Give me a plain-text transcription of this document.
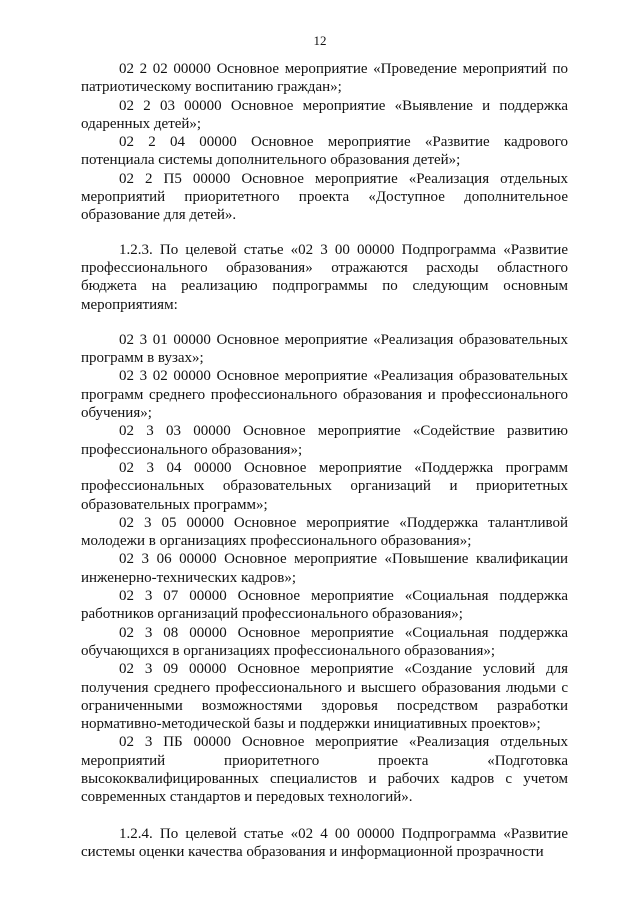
12

02 2 02 00000 Основное мероприятие «Проведение мероприятий по патриотическому воспитанию граждан»;

02 2 03 00000 Основное мероприятие «Выявление и поддержка одаренных детей»;

02 2 04 00000 Основное мероприятие «Развитие кадрового потенциала системы дополнительного образования детей»;

02 2 П5 00000 Основное мероприятие «Реализация отдельных мероприятий приоритетного проекта «Доступное дополнительное образование для детей».

1.2.3. По целевой статье «02 3 00 00000 Подпрограмма «Развитие профессионального образования» отражаются расходы областного бюджета на реализацию подпрограммы по следующим основным мероприятиям:

02 3 01 00000 Основное мероприятие «Реализация образовательных программ в вузах»;

02 3 02 00000 Основное мероприятие «Реализация образовательных программ среднего профессионального образования и профессионального обучения»;

02 3 03 00000 Основное мероприятие «Содействие развитию профессионального образования»;

02 3 04 00000 Основное мероприятие «Поддержка программ профессиональных образовательных организаций и приоритетных образовательных программ»;

02 3 05 00000 Основное мероприятие «Поддержка талантливой молодежи в организациях профессионального образования»;

02 3 06 00000 Основное мероприятие «Повышение квалификации инженерно-технических кадров»;

02 3 07 00000 Основное мероприятие «Социальная поддержка работников организаций профессионального образования»;

02 3 08 00000 Основное мероприятие «Социальная поддержка обучающихся в организациях профессионального образования»;

02 3 09 00000 Основное мероприятие «Создание условий для получения среднего профессионального и высшего образования людьми с ограниченными возможностями здоровья посредством разработки нормативно-методической базы и поддержки инициативных проектов»;

02 3 ПБ 00000 Основное мероприятие «Реализация отдельных мероприятий приоритетного проекта «Подготовка высококвалифицированных специалистов и рабочих кадров с учетом современных стандартов и передовых технологий».

1.2.4. По целевой статье «02 4 00 00000 Подпрограмма «Развитие системы оценки качества образования и информационной прозрачности
